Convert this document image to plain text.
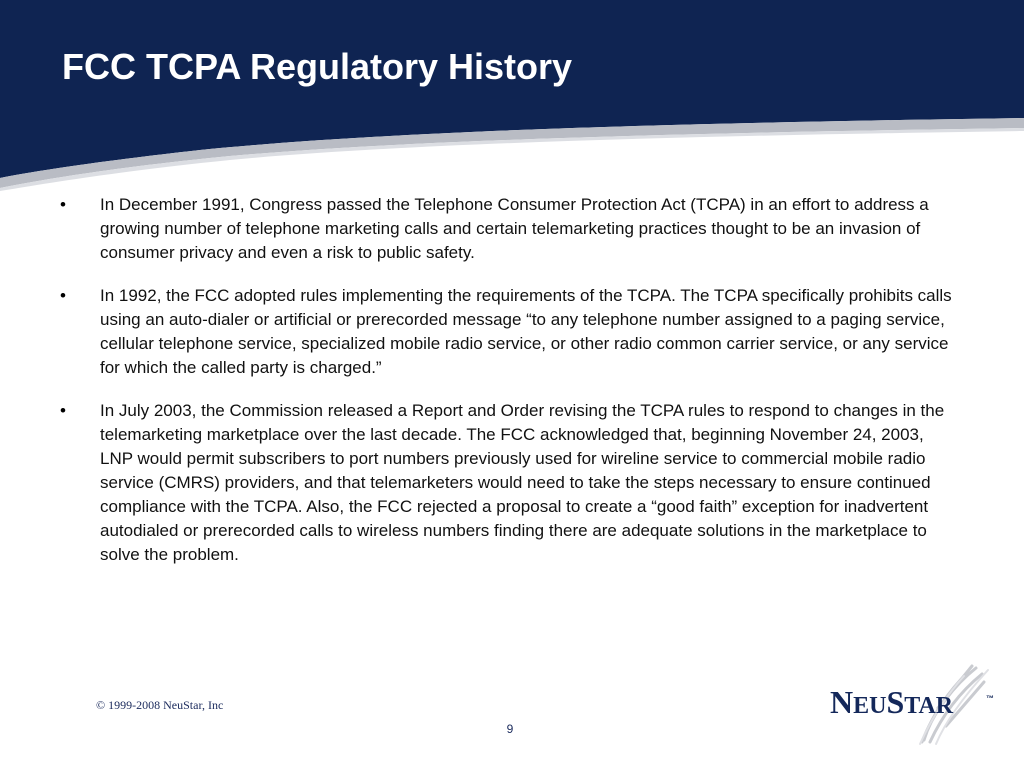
FCC TCPA Regulatory History
•	In December 1991, Congress passed the Telephone Consumer Protection Act (TCPA) in an effort to address a growing number of telephone marketing calls and certain telemarketing practices thought to be an invasion of consumer privacy and even a risk to public safety.
•	In 1992, the FCC adopted rules implementing the requirements of the TCPA. The TCPA specifically prohibits calls using an auto-dialer or artificial or prerecorded message “to any telephone number assigned to a paging service, cellular telephone service, specialized mobile radio service, or other radio common carrier service, or any service for which the called party is charged.”
•	In July 2003, the Commission released a Report and Order revising the TCPA rules to respond to changes in the telemarketing marketplace over the last decade. The FCC acknowledged that, beginning November 24, 2003, LNP would permit subscribers to port numbers previously used for wireline service to commercial mobile radio service (CMRS) providers, and that telemarketers would need to take the steps necessary to ensure continued compliance with the TCPA. Also, the FCC rejected a proposal to create a “good faith” exception for inadvertent autodialed or prerecorded calls to wireless numbers finding there are adequate solutions in the marketplace to solve the problem.
© 1999-2008 NeuStar, Inc
9
NEUSTAR	™
